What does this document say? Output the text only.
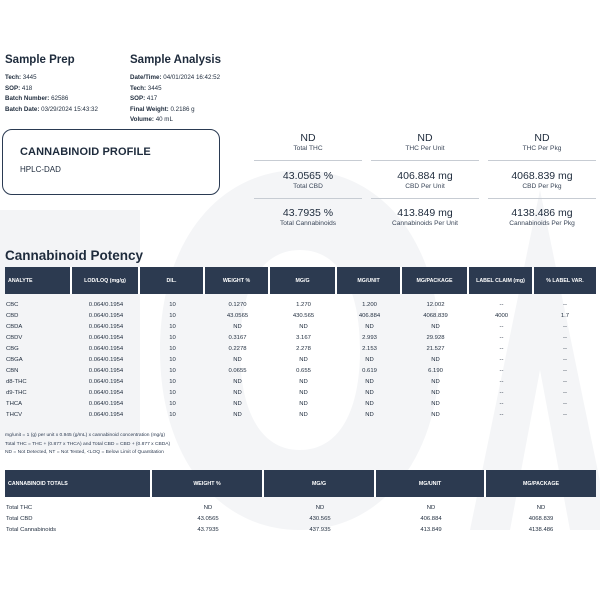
Sample Prep
Tech: 3445
SOP: 418
Batch Number: 62586
Batch Date: 03/29/2024 15:43:32
Sample Analysis
Date/Time: 04/01/2024 16:42:52
Tech: 3445
SOP: 417
Final Weight: 0.2186 g
Volume: 40 mL
CANNABINOID PROFILE
HPLC-DAD
ND
Total THC
ND
THC Per Unit
ND
THC Per Pkg
43.0565 %
Total CBD
406.884 mg
CBD Per Unit
4068.839 mg
CBD Per Pkg
43.7935 %
Total Cannabinoids
413.849 mg
Cannabinoids Per Unit
4138.486 mg
Cannabinoids Per Pkg
Cannabinoid Potency
ANALYTE	LOD/LOQ (mg/g)	DIL.	WEIGHT %	MG/G	MG/UNIT	MG/PACKAGE	LABEL CLAIM (mg)	% LABEL VAR.
CBC	0.064/0.1954	10	0.1270	1.270	1.200	12.002	--	--
CBD	0.064/0.1954	10	43.0565	430.565	406.884	4068.839	4000	1.7
CBDA	0.064/0.1954	10	ND	ND	ND	ND	--	--
CBDV	0.064/0.1954	10	0.3167	3.167	2.993	29.928	--	--
CBG	0.064/0.1954	10	0.2278	2.278	2.153	21.527	--	--
CBGA	0.064/0.1954	10	ND	ND	ND	ND	--	--
CBN	0.064/0.1954	10	0.0655	0.655	0.619	6.190	--	--
d8-THC	0.064/0.1954	10	ND	ND	ND	ND	--	--
d9-THC	0.064/0.1954	10	ND	ND	ND	ND	--	--
THCA	0.064/0.1954	10	ND	ND	ND	ND	--	--
THCV	0.064/0.1954	10	ND	ND	ND	ND	--	--
mg/unit = 1 (g) per unit x 0.945 (g/mL) x cannabinoid concentration (mg/g)
Total THC = THC + (0.877 x THCA) and Total CBD = CBD + (0.877 x CBDA)
ND = Not Detected, NT = Not Tested, <LOQ = Below Limit of Quantitation
CANNABINOID TOTALS	WEIGHT %	MG/G	MG/UNIT	MG/PACKAGE
Total THC	ND	ND	ND	ND
Total CBD	43.0565	430.565	406.884	4068.839
Total Cannabinoids	43.7935	437.935	413.849	4138.486
